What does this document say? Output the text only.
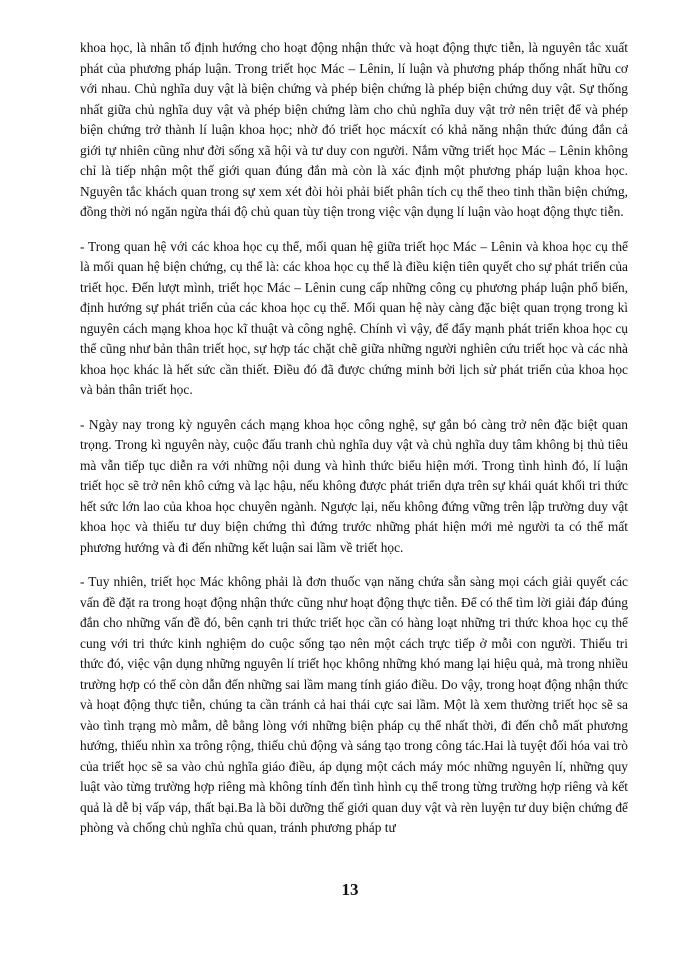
khoa học, là nhân tố định hướng cho hoạt động nhận thức và hoạt động thực tiễn, là nguyên tắc xuất phát của phương pháp luận. Trong triết học Mác – Lênin, lí luận và phương pháp thống nhất hữu cơ với nhau. Chủ nghĩa duy vật là biện chứng và phép biện chứng là phép biện chứng duy vật. Sự thống nhất giữa chủ nghĩa duy vật và phép biện chứng làm cho chủ nghĩa duy vật trở nên triệt để và phép biện chứng trở thành lí luận khoa học; nhờ đó triết học mácxít có khả năng nhận thức đúng đắn cả giới tự nhiên cũng như đời sống xã hội và tư duy con người. Nắm vững triết học Mác – Lênin không chỉ là tiếp nhận một thế giới quan đúng đắn mà còn là xác định một phương pháp luận khoa học. Nguyên tắc khách quan trong sự xem xét đòi hỏi phải biết phân tích cụ thể theo tinh thần biện chứng, đồng thời nó ngăn ngừa thái độ chủ quan tùy tiện trong việc vận dụng lí luận vào hoạt động thực tiễn.

- Trong quan hệ với các khoa học cụ thể, mối quan hệ giữa triết học Mác – Lênin và khoa học cụ thể là mối quan hệ biện chứng, cụ thể là: các khoa học cụ thể là điều kiện tiên quyết cho sự phát triển của triết học. Đến lượt mình, triết học Mác – Lênin cung cấp những công cụ phương pháp luận phổ biến, định hướng sự phát triển của các khoa học cụ thể. Mối quan hệ này càng đặc biệt quan trọng trong kì nguyên cách mạng khoa học kĩ thuật và công nghệ. Chính vì vậy, để đẩy mạnh phát triển khoa học cụ thể cũng như bản thân triết học, sự hợp tác chặt chẽ giữa những người nghiên cứu triết học và các nhà khoa học khác là hết sức cần thiết. Điều đó đã được chứng minh bởi lịch sử phát triển của khoa học và bản thân triết học.

- Ngày nay trong kỳ nguyên cách mạng khoa học công nghệ, sự gắn bó càng trở nên đặc biệt quan trọng. Trong kì nguyên này, cuộc đấu tranh chủ nghĩa duy vật và chủ nghĩa duy tâm không bị thủ tiêu mà vẫn tiếp tục diễn ra với những nội dung và hình thức biểu hiện mới. Trong tình hình đó, lí luận triết học sẽ trở nên khô cứng và lạc hậu, nếu không được phát triển dựa trên sự khái quát khối tri thức hết sức lớn lao của khoa học chuyên ngành. Ngược lại, nếu không đứng vững trên lập trường duy vật khoa học và thiếu tư duy biện chứng thì đứng trước những phát hiện mới mẻ người ta có thể mất phương hướng và đi đến những kết luận sai lầm về triết học.

- Tuy nhiên, triết học Mác không phải là đơn thuốc vạn năng chứa sẵn sàng mọi cách giải quyết các vấn đề đặt ra trong hoạt động nhận thức cũng như hoạt động thực tiễn. Để có thể tìm lời giải đáp đúng đắn cho những vấn đề đó, bên cạnh tri thức triết học cần có hàng loạt những tri thức khoa học cụ thể cung với tri thức kinh nghiệm do cuộc sống tạo nên một cách trực tiếp ở mỗi con người. Thiếu tri thức đó, việc vận dụng những nguyên lí triết học không những khó mang lại hiệu quả, mà trong nhiều trường hợp có thể còn dẫn đến những sai lầm mang tính giáo điều. Do vậy, trong hoạt động nhận thức và hoạt động thực tiễn, chúng ta cần tránh cả hai thái cực sai lầm. Một là xem thường triết học sẽ sa vào tình trạng mò mẫm, dễ bằng lòng với những biện pháp cụ thể nhất thời, đi đến chỗ mất phương hướng, thiếu nhìn xa trông rộng, thiếu chủ động và sáng tạo trong công tác.Hai là tuyệt đối hóa vai trò của triết học sẽ sa vào chủ nghĩa giáo điều, áp dụng một cách máy móc những nguyên lí, những quy luật vào từng trường hợp riêng mà không tính đến tình hình cụ thể trong từng trường hợp riêng và kết quả là dễ bị vấp váp, thất bại.Ba là bồi dưỡng thế giới quan duy vật và rèn luyện tư duy biện chứng để phòng và chống chủ nghĩa chủ quan, tránh phương pháp tư

13
